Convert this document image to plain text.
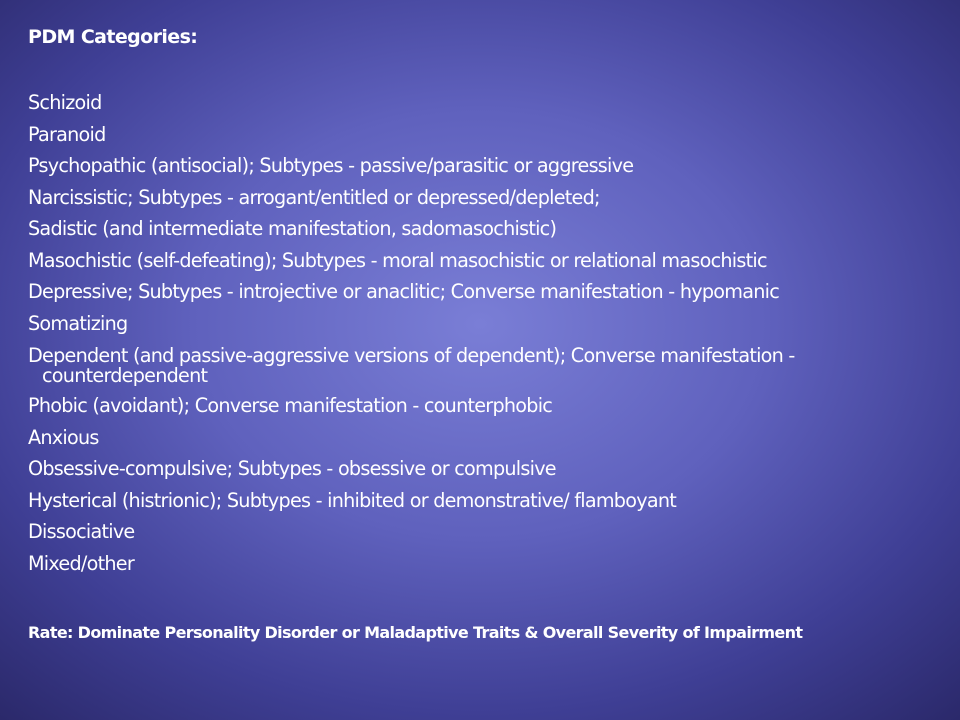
PDM Categories:
Schizoid
Paranoid
Psychopathic (antisocial); Subtypes - passive/parasitic or aggressive
Narcissistic; Subtypes - arrogant/entitled or depressed/depleted;
Sadistic (and intermediate manifestation, sadomasochistic)
Masochistic (self-defeating); Subtypes - moral masochistic or relational masochistic
Depressive; Subtypes - introjective or anaclitic; Converse manifestation - hypomanic
Somatizing
Dependent (and passive-aggressive versions of dependent); Converse manifestation - counterdependent
Phobic (avoidant); Converse manifestation - counterphobic
Anxious
Obsessive-compulsive; Subtypes - obsessive or compulsive
Hysterical (histrionic); Subtypes - inhibited or demonstrative/ flamboyant
Dissociative
Mixed/other
Rate: Dominate Personality Disorder or Maladaptive Traits & Overall Severity of Impairment
